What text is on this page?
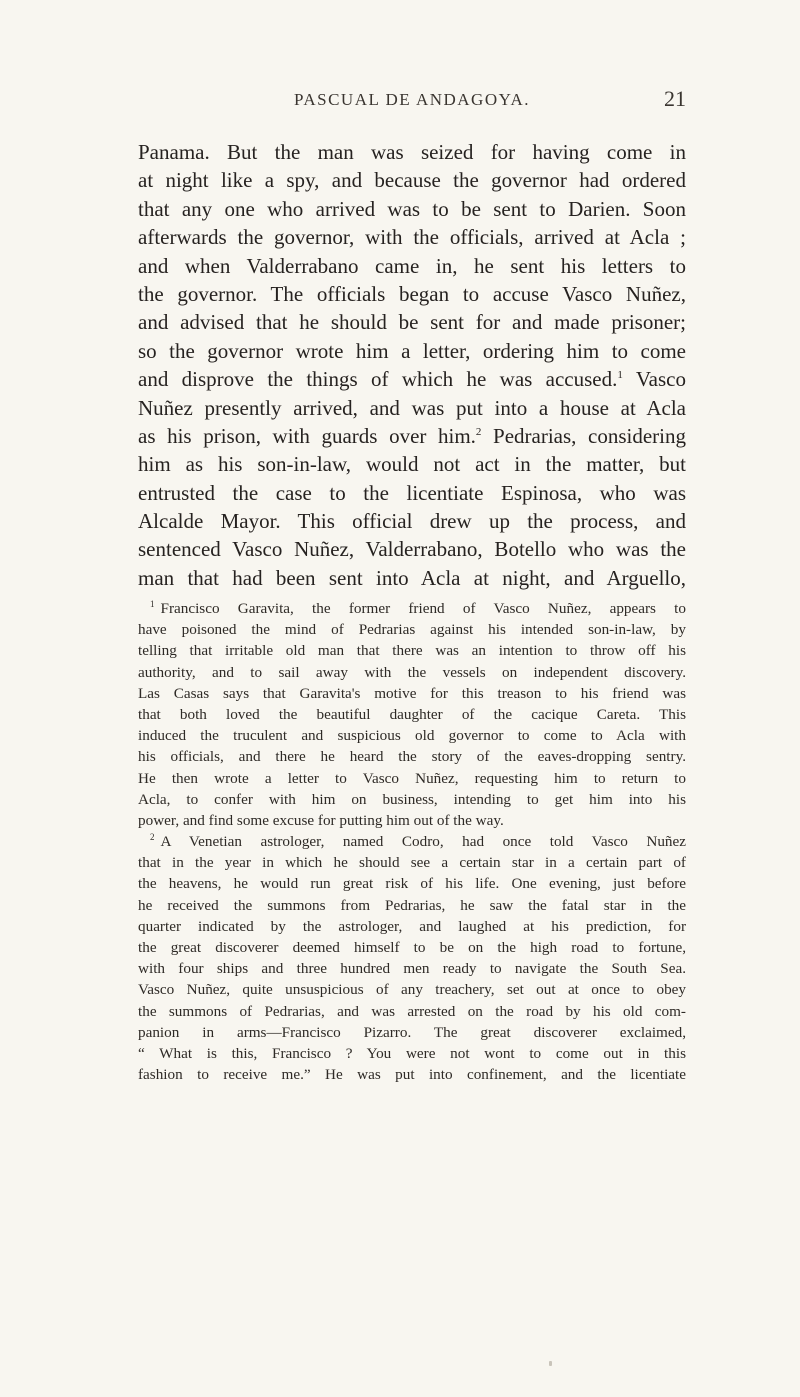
PASCUAL DE ANDAGOYA.	21
Panama. But the man was seized for having come in
at night like a spy, and because the governor had ordered
that any one who arrived was to be sent to Darien. Soon
afterwards the governor, with the officials, arrived at Acla ;
and when Valderrabano came in, he sent his letters to
the governor. The officials began to accuse Vasco Nuñez,
and advised that he should be sent for and made prisoner;
so the governor wrote him a letter, ordering him to come
and disprove the things of which he was accused.$^1$ Vasco
Nuñez presently arrived, and was put into a house at Acla
as his prison, with guards over him.$^2$ Pedrarias, considering
him as his son-in-law, would not act in the matter, but
entrusted the case to the licentiate Espinosa, who was
Alcalde Mayor. This official drew up the process, and
sentenced Vasco Nuñez, Valderrabano, Botello who was the
man that had been sent into Acla at night, and Arguello,
$^1$ Francisco Garavita, the former friend of Vasco Nuñez, appears to
have poisoned the mind of Pedrarias against his intended son-in-law, by
telling that irritable old man that there was an intention to throw off his
authority, and to sail away with the vessels on independent discovery.
Las Casas says that Garavita's motive for this treason to his friend was
that both loved the beautiful daughter of the cacique Careta. This
induced the truculent and suspicious old governor to come to Acla with
his officials, and there he heard the story of the eaves-dropping sentry.
He then wrote a letter to Vasco Nuñez, requesting him to return to
Acla, to confer with him on business, intending to get him into his
power, and find some excuse for putting him out of the way.
$^2$ A Venetian astrologer, named Codro, had once told Vasco Nuñez
that in the year in which he should see a certain star in a certain part of
the heavens, he would run great risk of his life. One evening, just before
he received the summons from Pedrarias, he saw the fatal star in the
quarter indicated by the astrologer, and laughed at his prediction, for
the great discoverer deemed himself to be on the high road to fortune,
with four ships and three hundred men ready to navigate the South Sea.
Vasco Nuñez, quite unsuspicious of any treachery, set out at once to obey
the summons of Pedrarias, and was arrested on the road by his old com-
panion in arms—Francisco Pizarro. The great discoverer exclaimed,
“ What is this, Francisco ? You were not wont to come out in this
fashion to receive me.” He was put into confinement, and the licentiate
